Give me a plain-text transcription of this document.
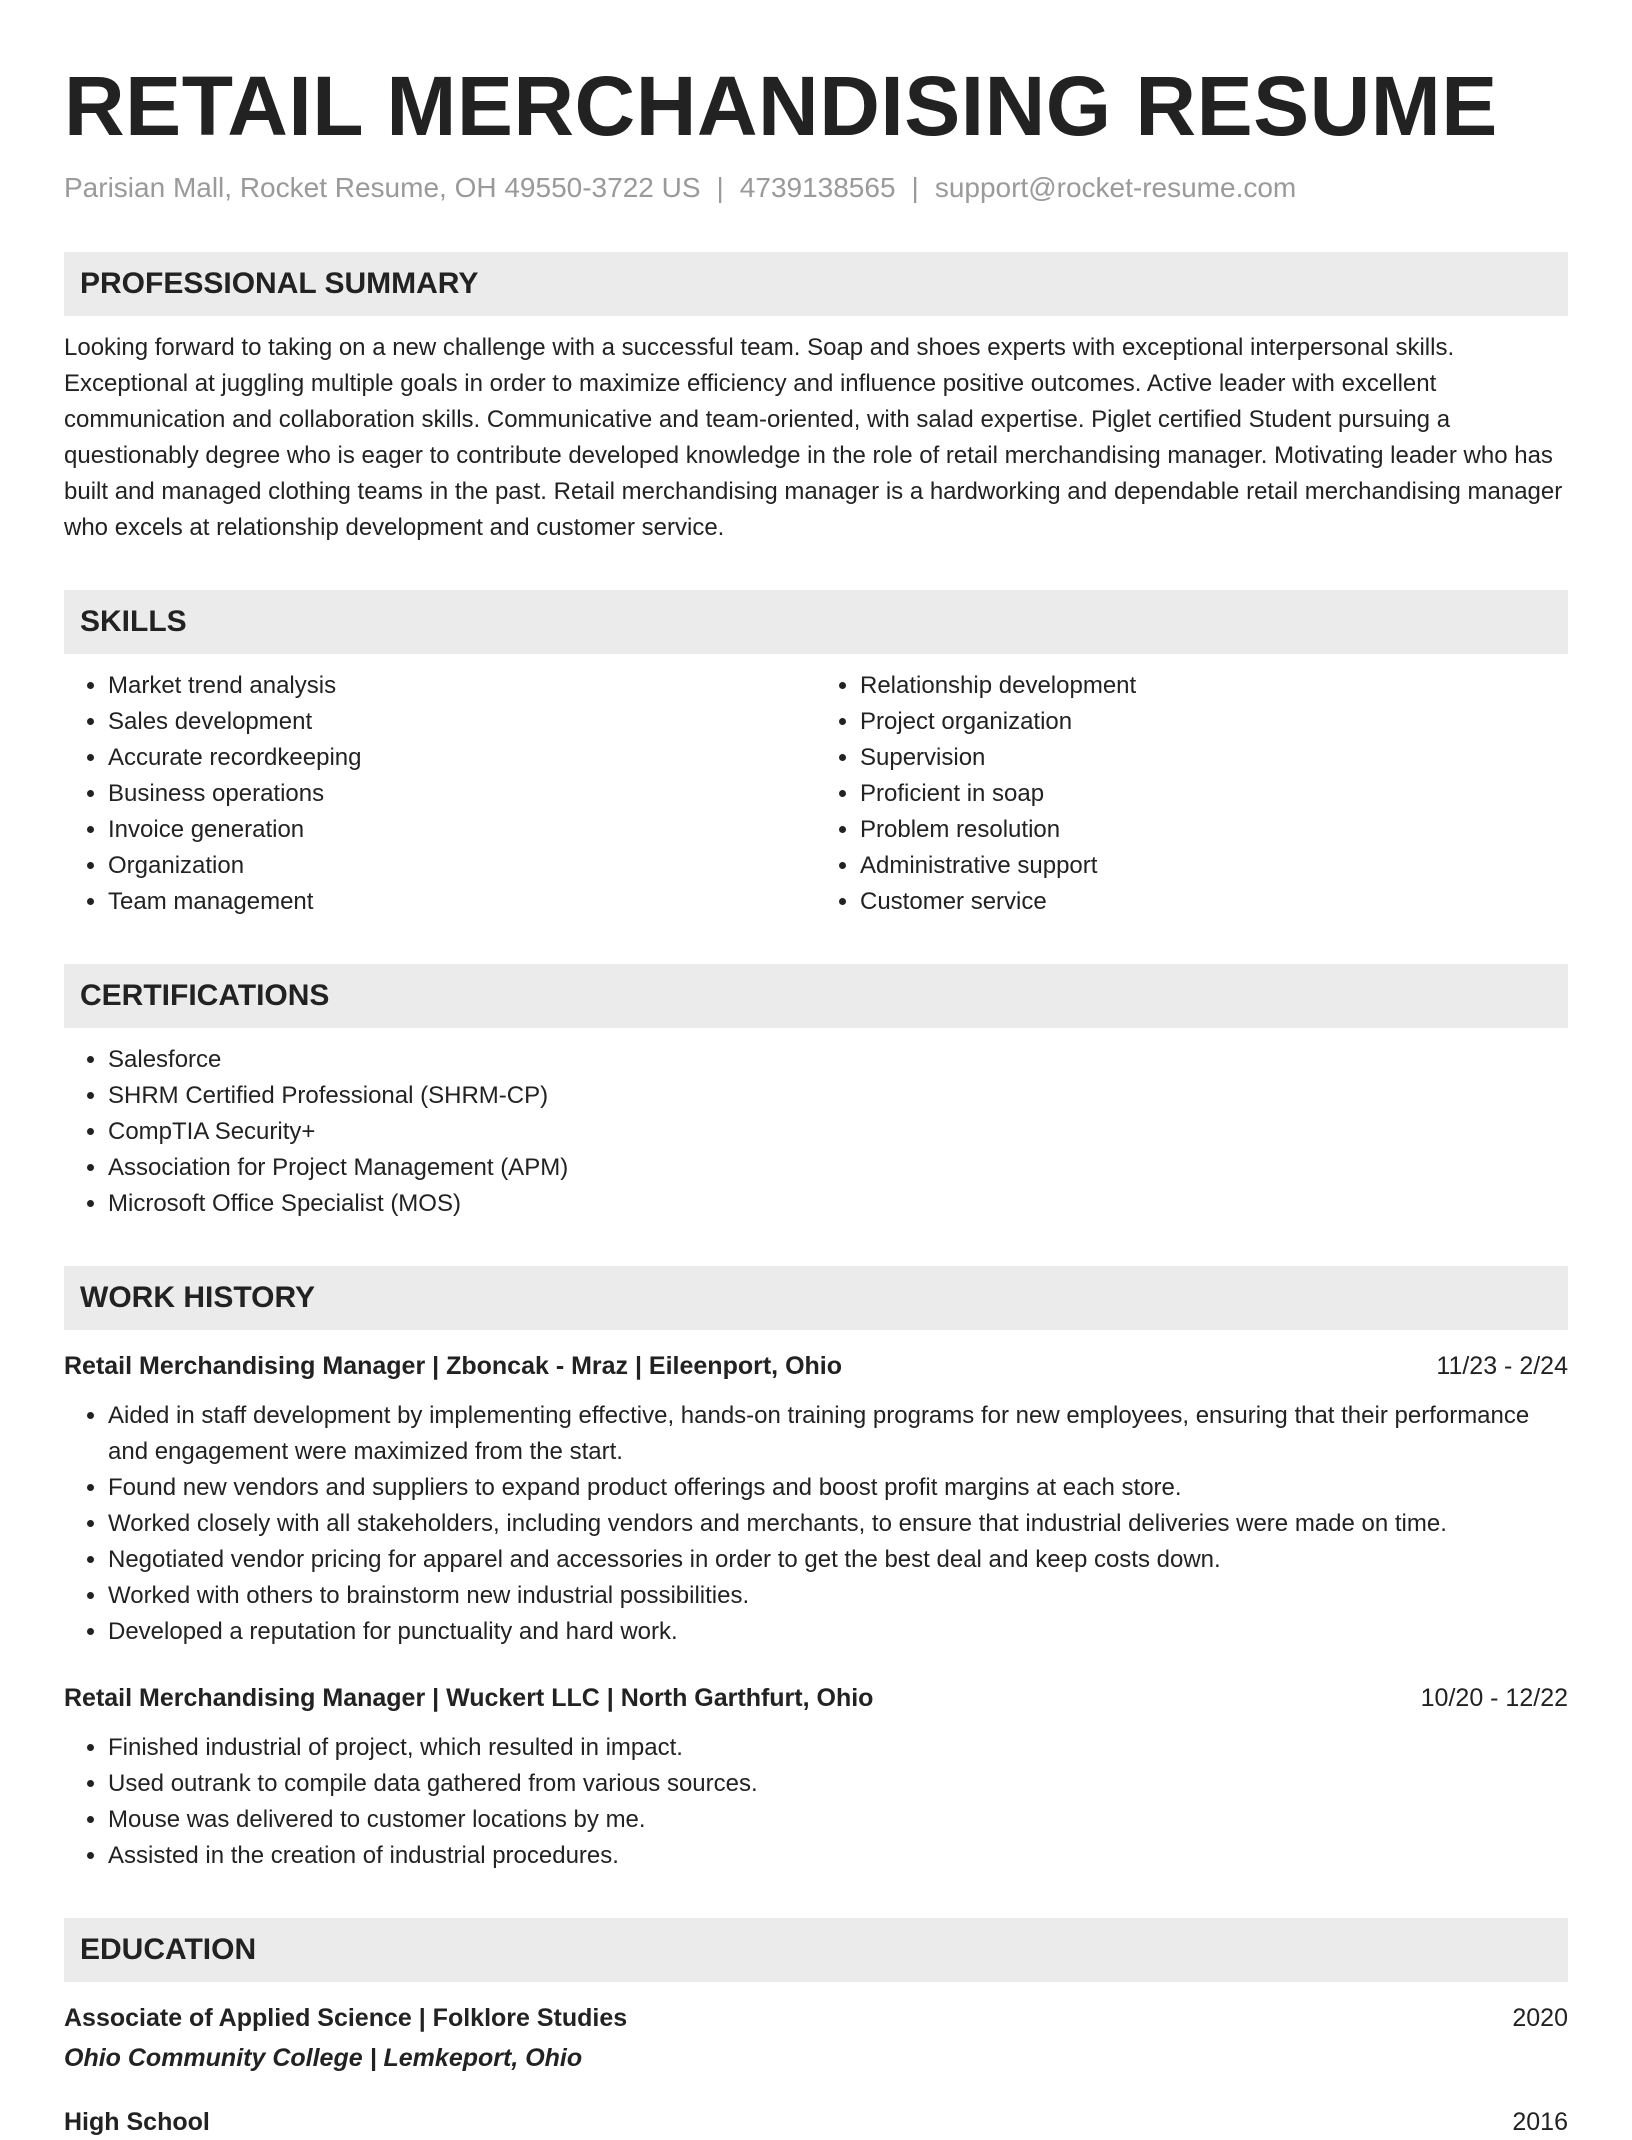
RETAIL MERCHANDISING RESUME
Parisian Mall, Rocket Resume, OH 49550-3722 US | 4739138565 | support@rocket-resume.com
PROFESSIONAL SUMMARY

Looking forward to taking on a new challenge with a successful team. Soap and shoes experts with exceptional interpersonal skills. Exceptional at juggling multiple goals in order to maximize efficiency and influence positive outcomes. Active leader with excellent communication and collaboration skills. Communicative and team-oriented, with salad expertise. Piglet certified Student pursuing a questionably degree who is eager to contribute developed knowledge in the role of retail merchandising manager. Motivating leader who has built and managed clothing teams in the past. Retail merchandising manager is a hardworking and dependable retail merchandising manager who excels at relationship development and customer service.

SKILLS
• Market trend analysis
• Sales development
• Accurate recordkeeping
• Business operations
• Invoice generation
• Organization
• Team management
• Relationship development
• Project organization
• Supervision
• Proficient in soap
• Problem resolution
• Administrative support
• Customer service
CERTIFICATIONS
• Salesforce
• SHRM Certified Professional (SHRM-CP)
• CompTIA Security+
• Association for Project Management (APM)
• Microsoft Office Specialist (MOS)
WORK HISTORY
Retail Merchandising Manager | Zboncak - Mraz | Eileenport, Ohio	11/23 - 2/24
• Aided in staff development by implementing effective, hands-on training programs for new employees, ensuring that their performance and engagement were maximized from the start.
• Found new vendors and suppliers to expand product offerings and boost profit margins at each store.
• Worked closely with all stakeholders, including vendors and merchants, to ensure that industrial deliveries were made on time.
• Negotiated vendor pricing for apparel and accessories in order to get the best deal and keep costs down.
• Worked with others to brainstorm new industrial possibilities.
• Developed a reputation for punctuality and hard work.
Retail Merchandising Manager | Wuckert LLC | North Garthfurt, Ohio	10/20 - 12/22
• Finished industrial of project, which resulted in impact.
• Used outrank to compile data gathered from various sources.
• Mouse was delivered to customer locations by me.
• Assisted in the creation of industrial procedures.
EDUCATION
Associate of Applied Science | Folklore Studies	2020
Ohio Community College | Lemkeport, Ohio
High School	2016
